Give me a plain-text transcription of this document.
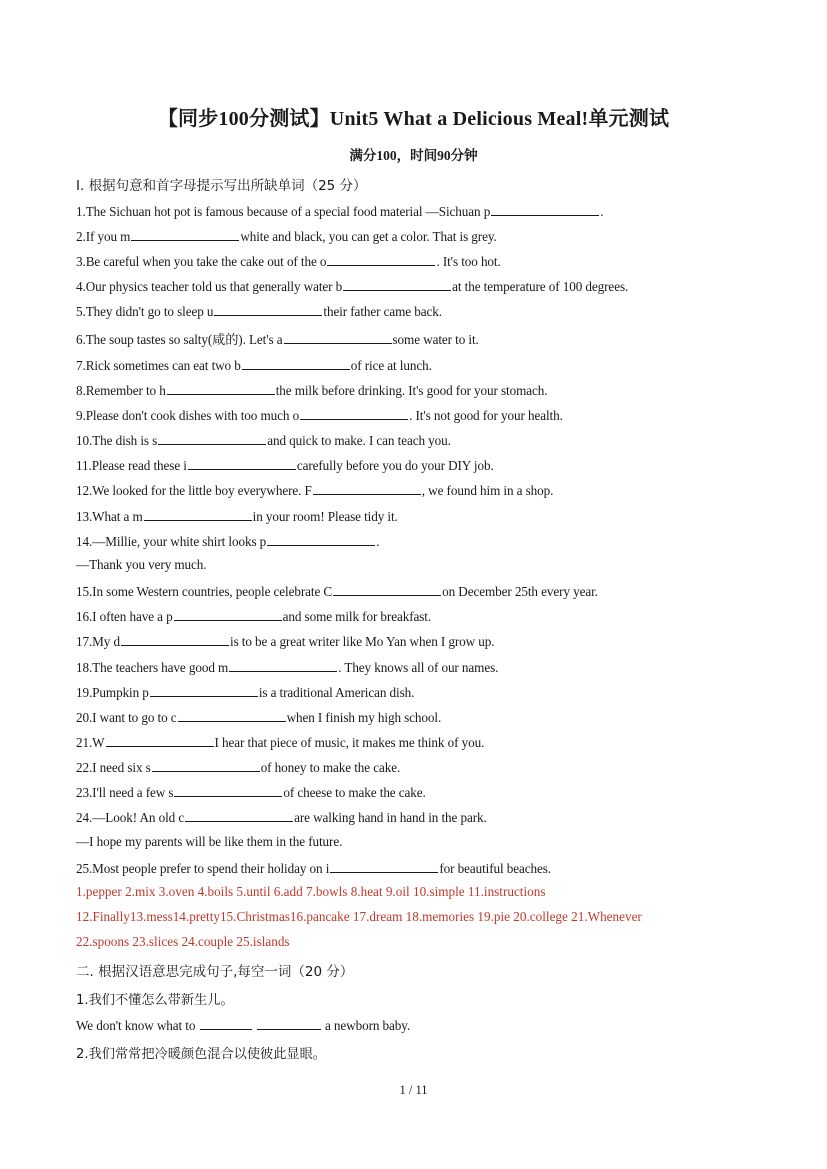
【同步100分测试】Unit5 What a Delicious Meal!单元测试
满分100，时间90分钟
I. 根据句意和首字母提示写出所缺单词（25 分）
1.The Sichuan hot pot is famous because of a special food material —Sichuan p	.
2.If you m	white and black, you can get a color. That is grey.
3.Be careful when you take the cake out of the o	. It's too hot.
4.Our physics teacher told us that generally water b	at the temperature of 100 degrees.
5.They didn't go to sleep u	their father came back.
6.The soup tastes so salty(咸的). Let's a	some water to it.
7.Rick sometimes can eat two b	of rice at lunch.
8.Remember to h	the milk before drinking. It's good for your stomach.
9.Please don't cook dishes with too much o	. It's not good for your health.
10.The dish is s	and quick to make. I can teach you.
11.Please read these i	carefully before you do your DIY job.
12.We looked for the little boy everywhere. F	, we found him in a shop.
13.What a m	in your room! Please tidy it.
14.—Millie, your white shirt looks p	.
—Thank you very much.
15.In some Western countries, people celebrate C	on December 25th every year.
16.I often have a p	and some milk for breakfast.
17.My d	is to be a great writer like Mo Yan when I grow up.
18.The teachers have good m	. They knows all of our names.
19.Pumpkin p	is a traditional American dish.
20.I want to go to c	when I finish my high school.
21.W	I hear that piece of music, it makes me think of you.
22.I need six s	of honey to make the cake.
23.I'll need a few s	of cheese to make the cake.
24.—Look! An old c	are walking hand in hand in the park.
—I hope my parents will be like them in the future.
25.Most people prefer to spend their holiday on i	for beautiful beaches.
1.pepper 2.mix 3.oven 4.boils 5.until 6.add 7.bowls 8.heat 9.oil 10.simple 11.instructions
12.Finally13.mess14.pretty15.Christmas16.pancake 17.dream 18.memories 19.pie 20.college 21.Whenever
22.spoons 23.slices 24.couple 25.islands
二. 根据汉语意思完成句子,每空一词（20 分）
1.我们不懂怎么带新生儿。
We don't know what to	a newborn baby.
2.我们常常把冷暖颜色混合以使彼此显眼。
1 / 11
